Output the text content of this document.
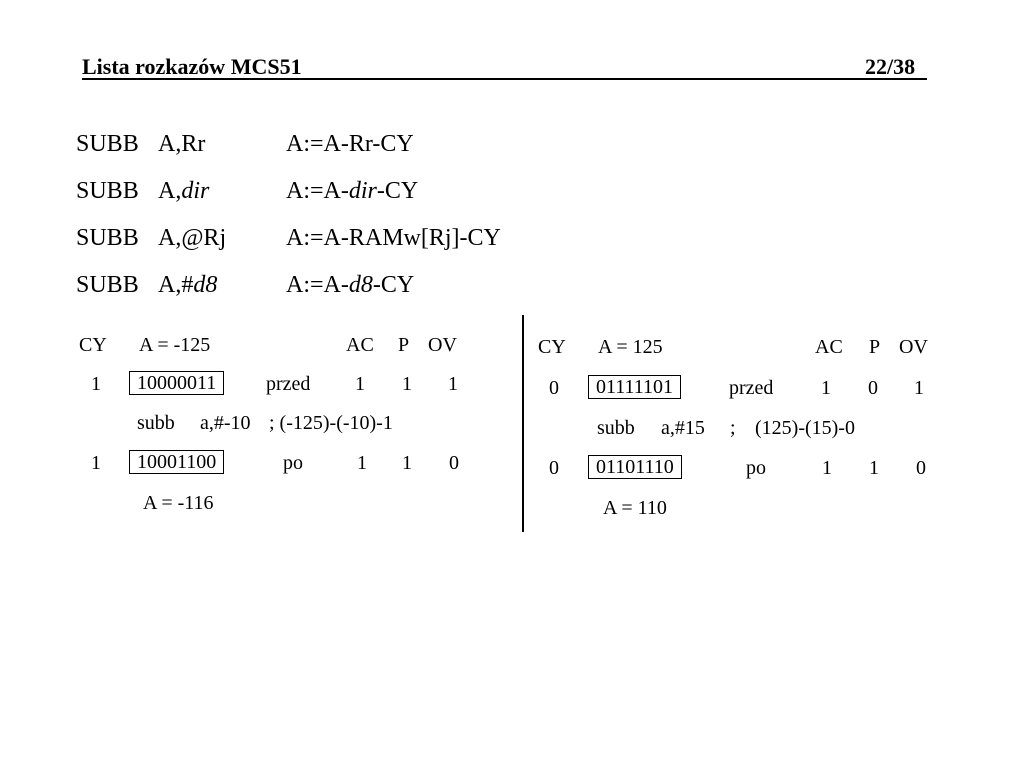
Lista rozkazów MCS51	22/38
SUBB A,Rr	A:=A-Rr-CY
SUBB A,dir	A:=A-dir-CY
SUBB A,@Rj A:=A-RAMw[Rj]-CY
SUBB A,#d8	A:=A-d8-CY
CY A = -125	AC P OV
1	10000011	przed 1 1 1
subb a,#-10 ; (-125)-(-10)-1
1	10001100	po	1 1 0
A = -116
CY A = 125	AC P OV
0	01111101	przed 1 0 1
subb a,#15 ; (125)-(15)-0
0	01101110	po	1 1 0
A = 110
